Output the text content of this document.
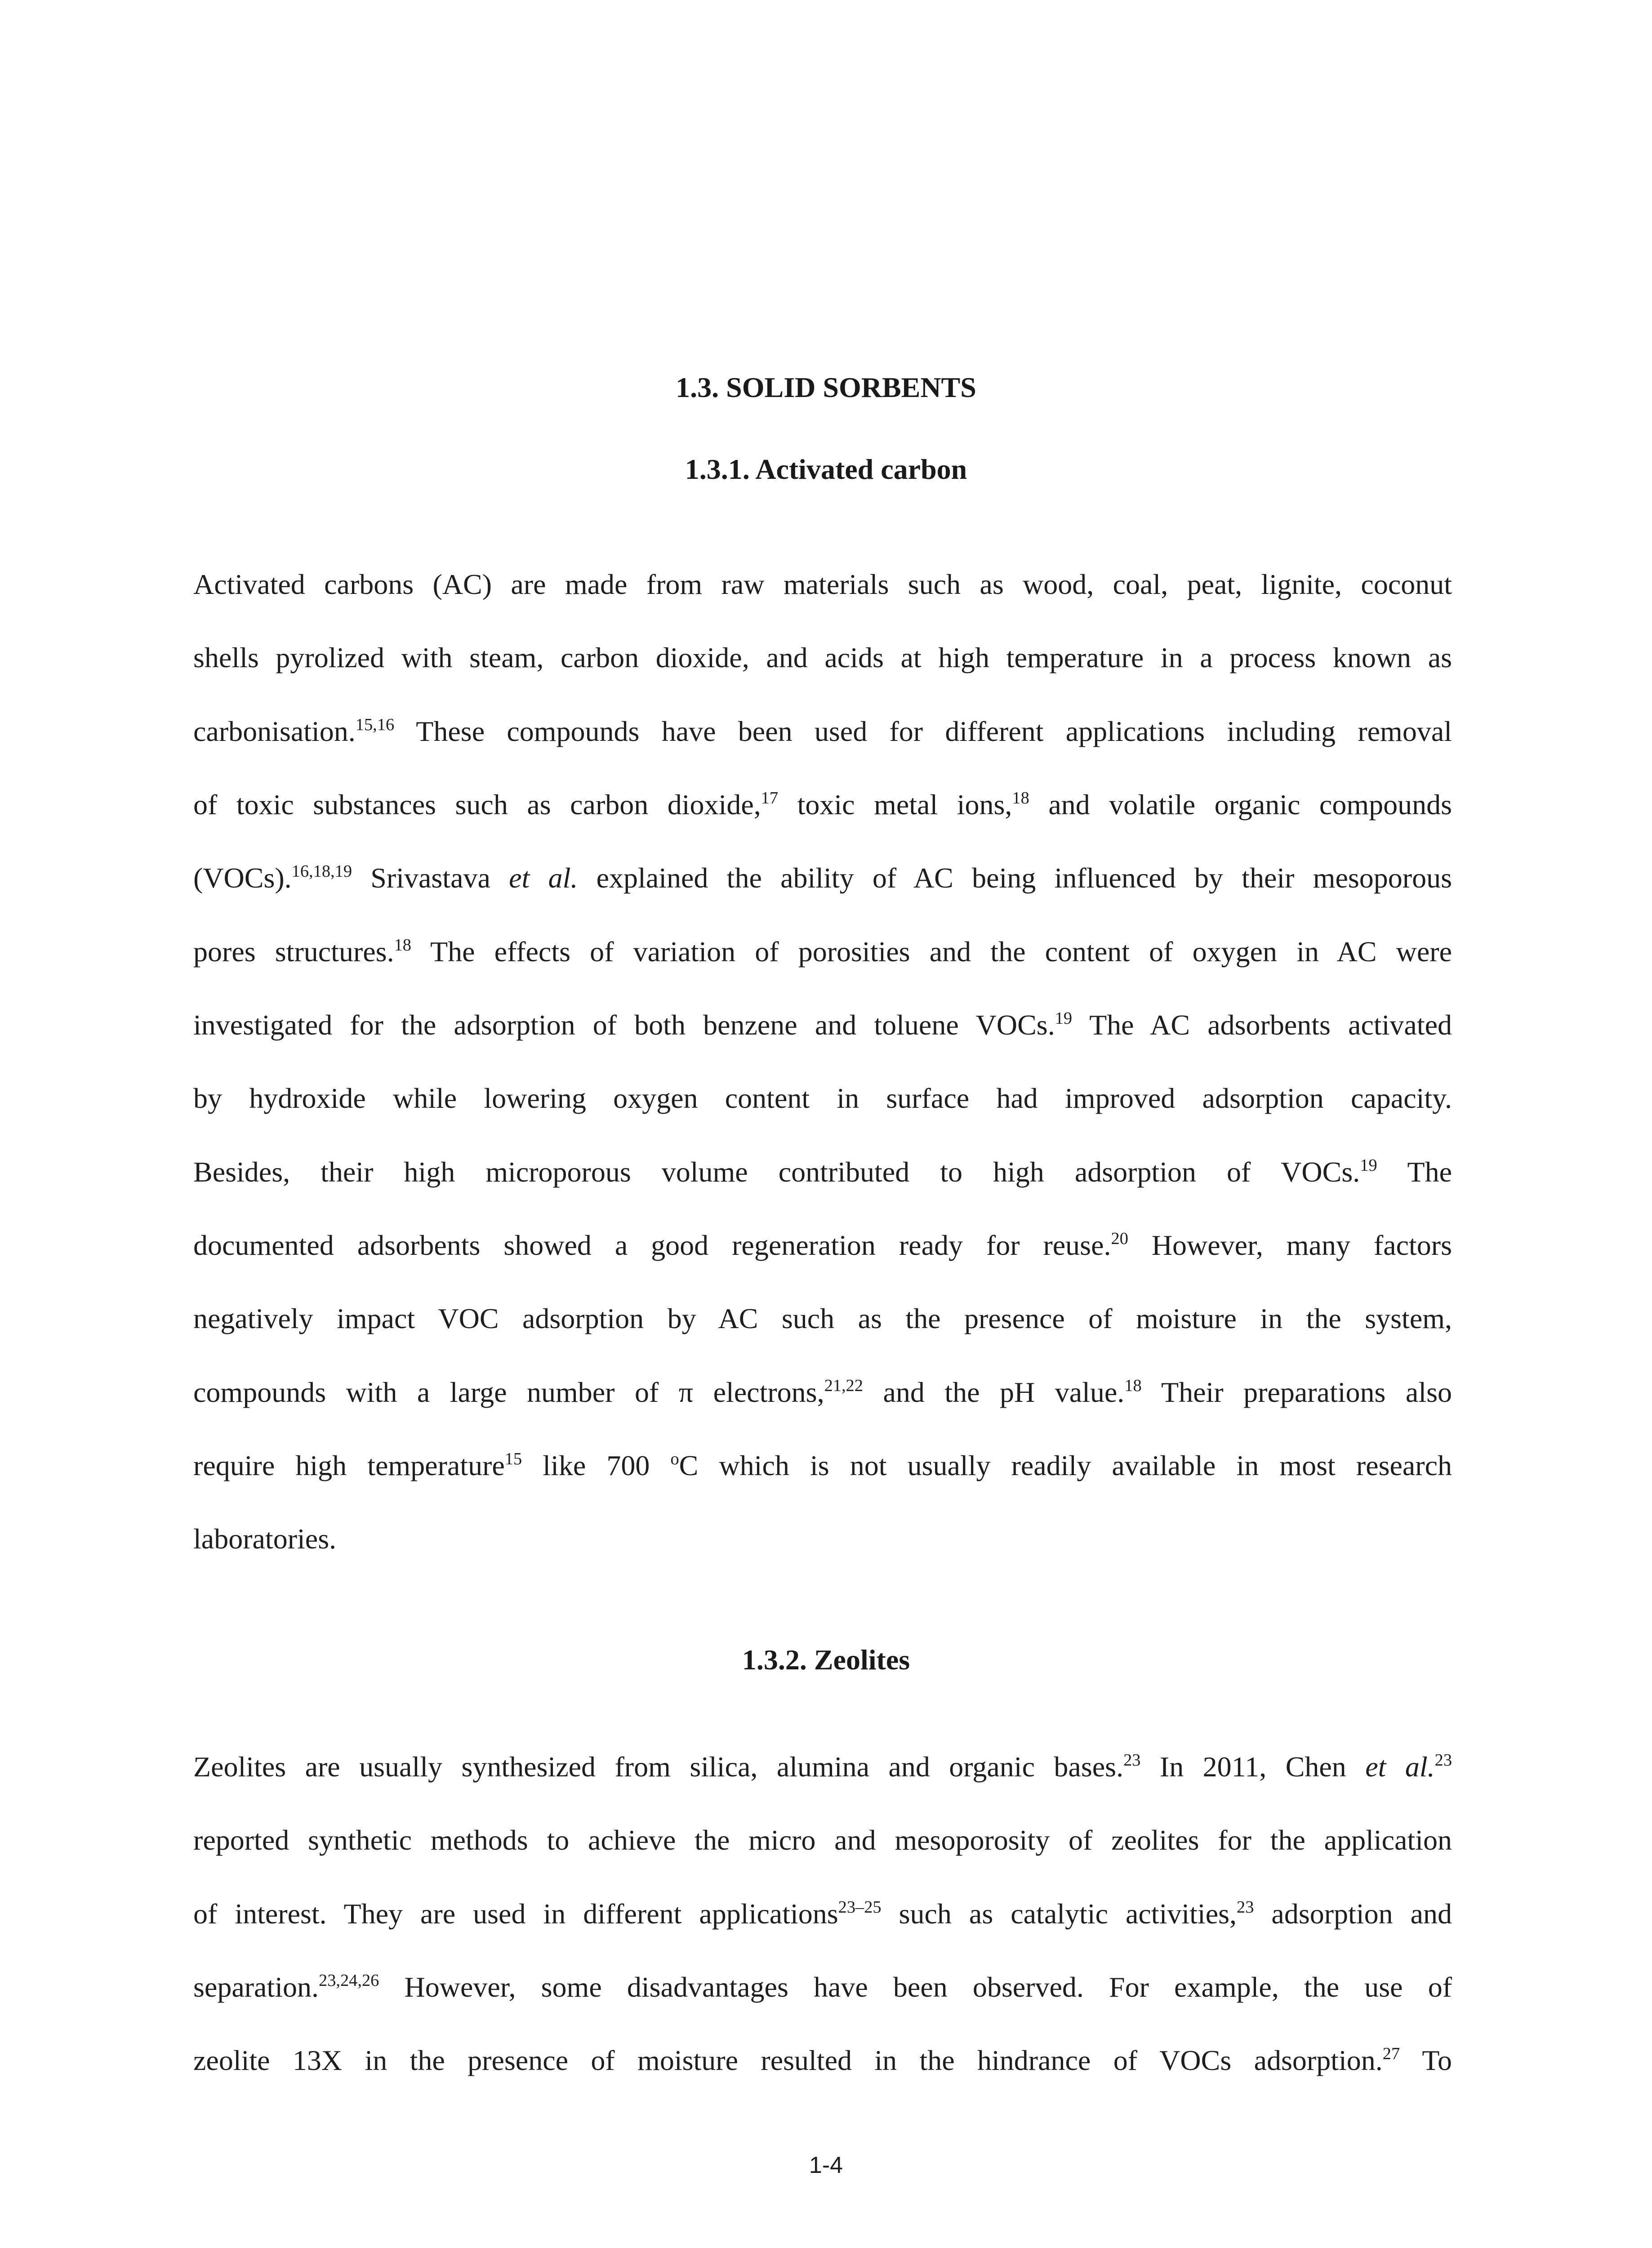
1.3. SOLID SORBENTS
1.3.1. Activated carbon
Activated carbons (AC) are made from raw materials such as wood, coal, peat, lignite, coconut
shells pyrolized with steam, carbon dioxide, and acids at high temperature in a process known as
carbonisation.$^{15,16}$ These compounds have been used for different applications including removal
of toxic substances such as carbon dioxide,$^{17}$ toxic metal ions,$^{18}$ and volatile organic compounds
(VOCs).$^{16,18,19}$ Srivastava et al. explained the ability of AC being influenced by their mesoporous
pores structures.$^{18}$ The effects of variation of porosities and the content of oxygen in AC were
investigated for the adsorption of both benzene and toluene VOCs.$^{19}$ The AC adsorbents activated
by hydroxide while lowering oxygen content in surface had improved adsorption capacity.
Besides, their high microporous volume contributed to high adsorption of VOCs.$^{19}$ The
documented adsorbents showed a good regeneration ready for reuse.$^{20}$ However, many factors
negatively impact VOC adsorption by AC such as the presence of moisture in the system,
compounds with a large number of π electrons,$^{21,22}$ and the pH value.$^{18}$ Their preparations also
require high temperature$^{15}$ like 700 $^o$C which is not usually readily available in most research
laboratories.
1.3.2. Zeolites
Zeolites are usually synthesized from silica, alumina and organic bases.$^{23}$ In 2011, Chen et al.$^{23}$
reported synthetic methods to achieve the micro and mesoporosity of zeolites for the application
of interest. They are used in different applications$^{23-25}$ such as catalytic activities,$^{23}$ adsorption and
separation.$^{23,24,26}$ However, some disadvantages have been observed. For example, the use of
zeolite 13X in the presence of moisture resulted in the hindrance of VOCs adsorption.$^{27}$ To
1-4
